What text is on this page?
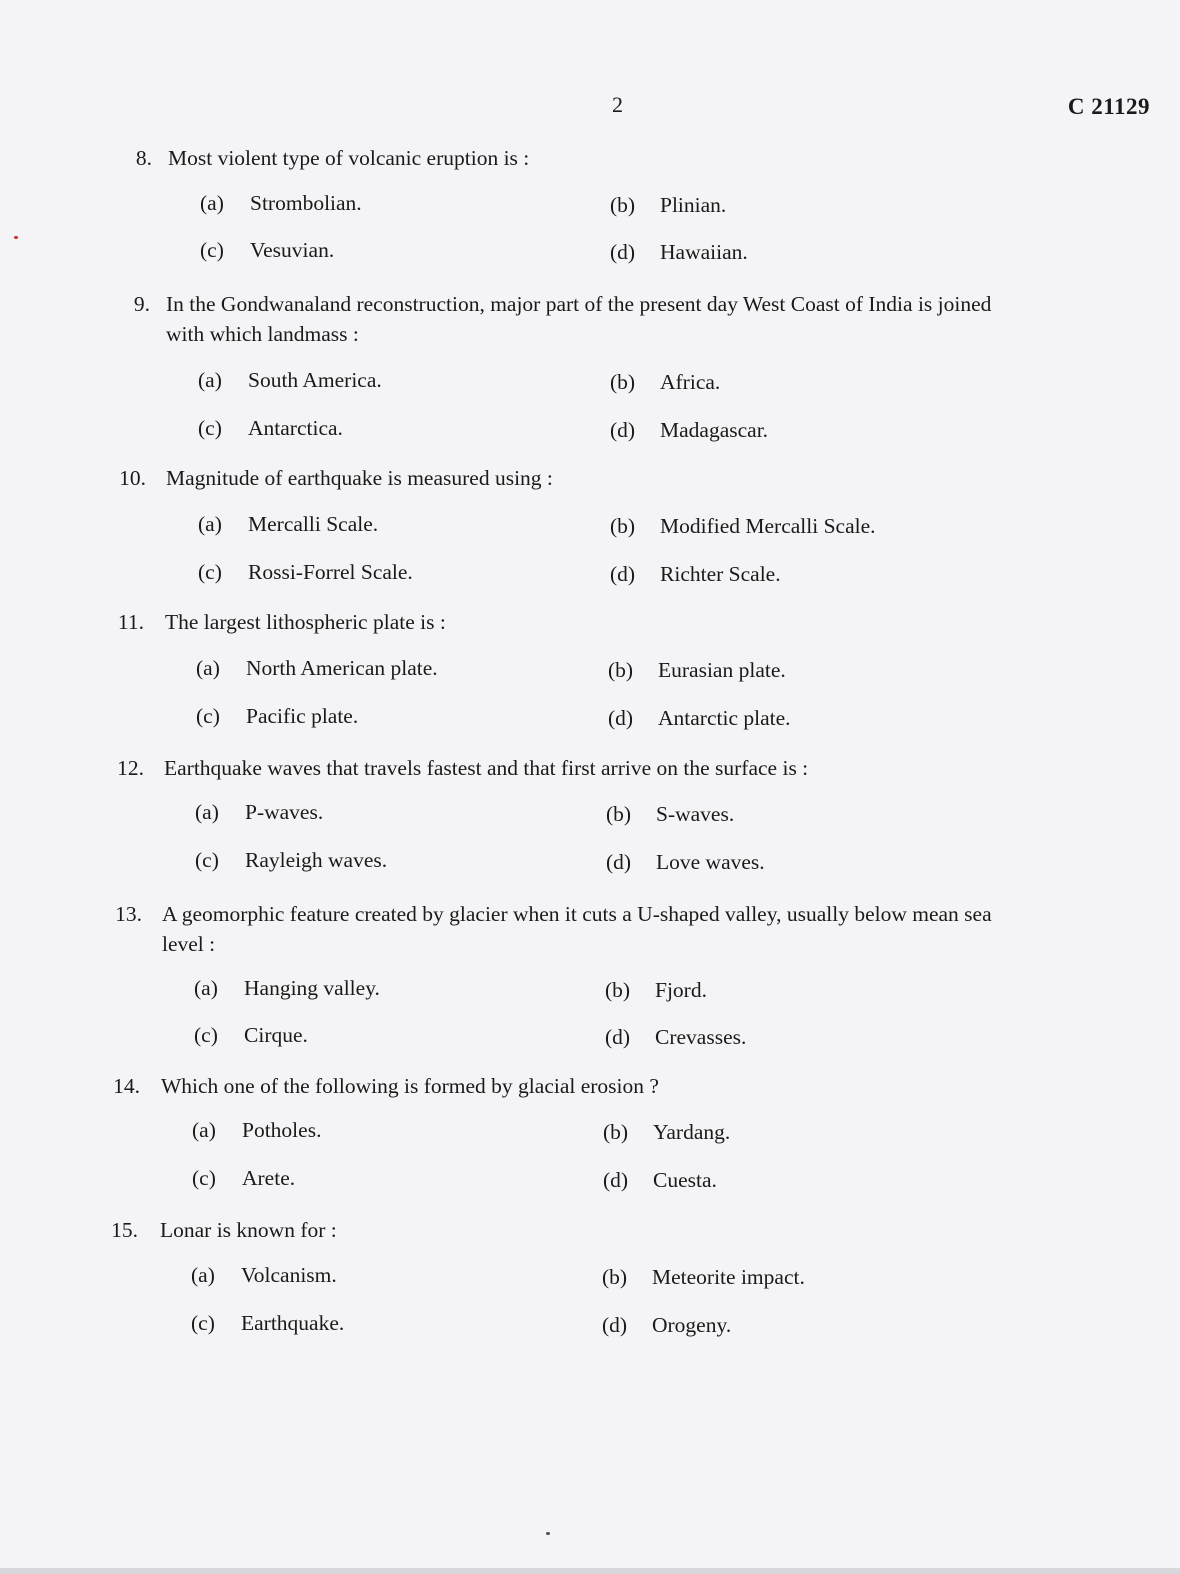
2	C 21129
8. Most violent type of volcanic eruption is :
(a) Strombolian.	(b) Plinian.
(c) Vesuvian.	(d) Hawaiian.
9. In the Gondwanaland reconstruction, major part of the present day West Coast of India is joined
with which landmass :
(a) South America.	(b) Africa.
(c) Antarctica.	(d) Madagascar.
10. Magnitude of earthquake is measured using :
(a) Mercalli Scale.	(b) Modified Mercalli Scale.
(c) Rossi-Forrel Scale.	(d) Richter Scale.
11. The largest lithospheric plate is :
(a) North American plate.	(b) Eurasian plate.
(c) Pacific plate.	(d) Antarctic plate.
12. Earthquake waves that travels fastest and that first arrive on the surface is :
(a) P-waves.	(b) S-waves.
(c) Rayleigh waves.	(d) Love waves.
13. A geomorphic feature created by glacier when it cuts a U-shaped valley, usually below mean sea
level :
(a) Hanging valley.	(b) Fjord.
(c) Cirque.	(d) Crevasses.
14. Which one of the following is formed by glacial erosion ?
(a) Potholes.	(b) Yardang.
(c) Arete.	(d) Cuesta.
15. Lonar is known for :
(a) Volcanism.	(b) Meteorite impact.
(c) Earthquake.	(d) Orogeny.
